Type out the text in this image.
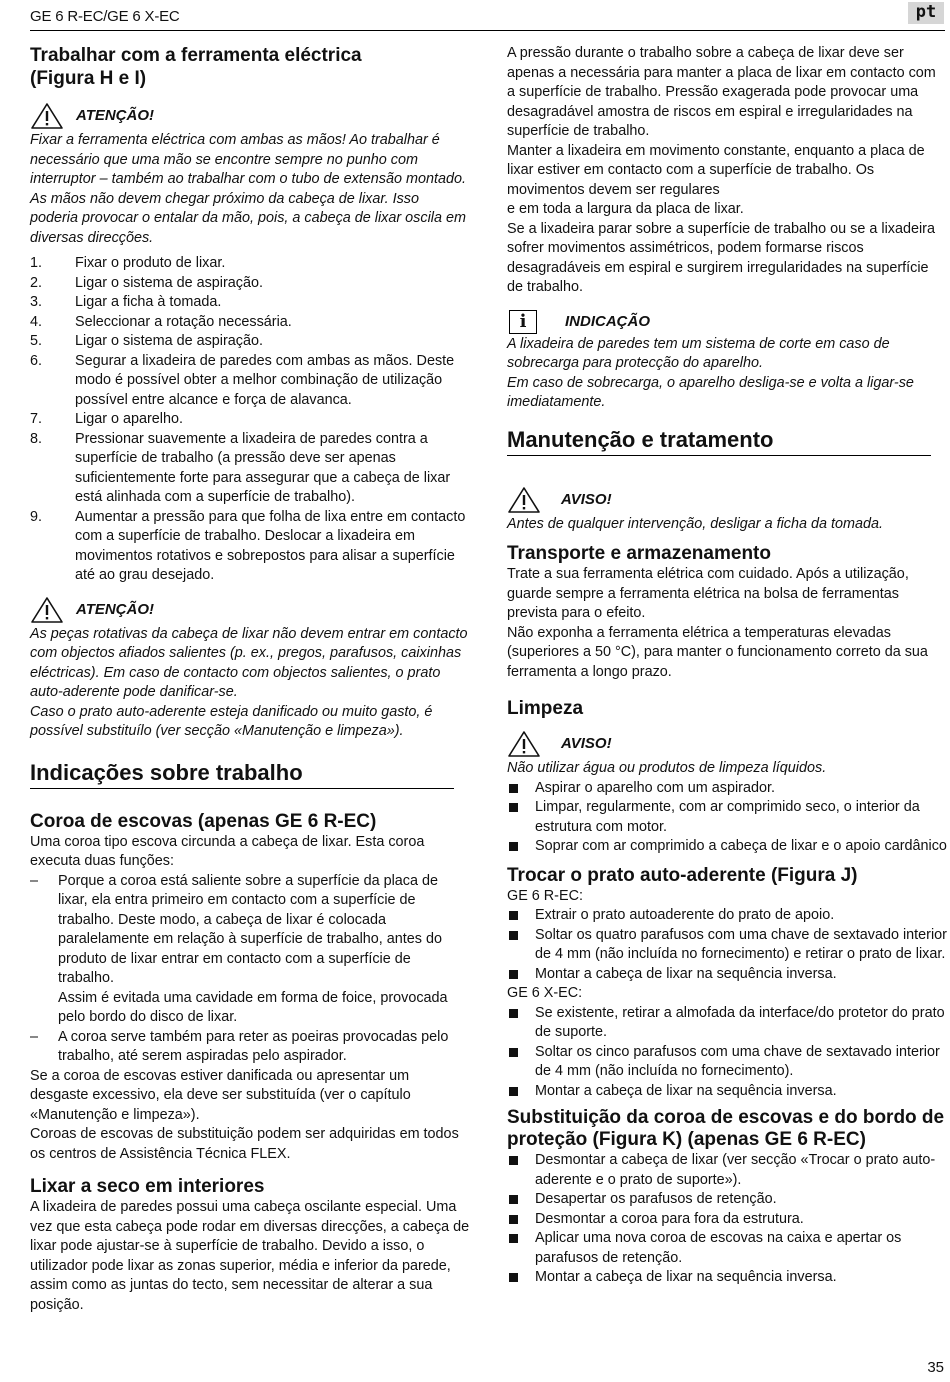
GE 6 R-EC/GE 6 X-EC	pt
Trabalhar com a ferramenta eléctrica (Figura H e I)
ATENÇÃO!

Fixar a ferramenta eléctrica com ambas as mãos! Ao trabalhar é necessário que uma mão se encontre sempre no punho com interruptor – também ao trabalhar com o tubo de extensão montado. As mãos não devem chegar próximo da cabeça de lixar. Isso poderia provocar o entalar da mão, pois, a cabeça de lixar oscila em diversas direcções.

1. Fixar o produto de lixar.
2. Ligar o sistema de aspiração.
3. Ligar a ficha à tomada.
4. Seleccionar a rotação necessária.
5. Ligar o sistema de aspiração.
6. Segurar a lixadeira de paredes com ambas as mãos. Deste modo é possível obter a melhor combinação de utilização possível entre alcance e força de alavanca.
7. Ligar o aparelho.
8. Pressionar suavemente a lixadeira de paredes contra a superfície de trabalho (a pressão deve ser apenas suficientemente forte para assegurar que a cabeça de lixar está alinhada com a superfície de trabalho).
9. Aumentar a pressão para que folha de lixa entre em contacto com a superfície de trabalho. Deslocar a lixadeira em movimentos rotativos e sobrepostos para alisar a superfície até ao grau desejado.
ATENÇÃO!

As peças rotativas da cabeça de lixar não devem entrar em contacto com objectos afiados salientes (p. ex., pregos, parafusos, caixinhas eléctricas). Em caso de contacto com objectos salientes, o prato auto-aderente pode danificar-se.

Caso o prato auto-aderente esteja danificado ou muito gasto, é possível substituílo (ver secção «Manutenção e limpeza»).

Indicações sobre trabalho
Coroa de escovas (apenas GE 6 R-EC)

Uma coroa tipo escova circunda a cabeça de lixar. Esta coroa executa duas funções:

– Porque a coroa está saliente sobre a superfície da placa de lixar, ela entra primeiro em contacto com a superfície de trabalho. Deste modo, a cabeça de lixar é colocada paralelamente em relação à superfície de trabalho, antes do produto de lixar entrar em contacto com a superfície de trabalho.
Assim é evitada uma cavidade em forma de foice, provocada pelo bordo do disco de lixar.
– A coroa serve também para reter as poeiras provocadas pelo trabalho, até serem aspiradas pelo aspirador.

Se a coroa de escovas estiver danificada ou apresentar um desgaste excessivo, ela deve ser substituída (ver o capítulo «Manutenção e limpeza»).

Coroas de escovas de substituição podem ser adquiridas em todos os centros de Assistência Técnica FLEX.

Lixar a seco em interiores

A lixadeira de paredes possui uma cabeça oscilante especial. Uma vez que esta cabeça pode rodar em diversas direcções, a cabeça de lixar pode ajustar-se à superfície de trabalho. Devido a isso, o utilizador pode lixar as zonas superior, média e inferior da parede, assim como as juntas do tecto, sem necessitar de alterar a sua posição.

A pressão durante o trabalho sobre a cabeça de lixar deve ser apenas a necessária para manter a placa de lixar em contacto com a superfície de trabalho. Pressão exagerada pode provocar uma desagradável amostra de riscos em espiral e irregularidades na superfície de trabalho.

Manter a lixadeira em movimento constante, enquanto a placa de lixar estiver em contacto com a superfície de trabalho. Os movimentos devem ser regulares

e em toda a largura da placa de lixar.

Se a lixadeira parar sobre a superfície de trabalho ou se a lixadeira sofrer movimentos assimétricos, podem formarse riscos desagradáveis em espiral e surgirem irregularidades na superfície de trabalho.

i	INDICAÇÃO

A lixadeira de paredes tem um sistema de corte em caso de sobrecarga para protecção do aparelho.

Em caso de sobrecarga, o aparelho desliga-se e volta a ligar-se imediatamente.

Manutenção e tratamento
AVISO!

Antes de qualquer intervenção, desligar a ficha da tomada.

Transporte e armazenamento

Trate a sua ferramenta elétrica com cuidado. Após a utilização, guarde sempre a ferramenta elétrica na bolsa de ferramentas prevista para o efeito.

Não exponha a ferramenta elétrica a temperaturas elevadas (superiores a 50 °C), para manter o funcionamento correto da sua ferramenta a longo prazo.

Limpeza
AVISO!

Não utilizar água ou produtos de limpeza líquidos.

Aspirar o aparelho com um aspirador.
Limpar, regularmente, com ar comprimido seco, o interior da estrutura com motor.
Soprar com ar comprimido a cabeça de lixar e o apoio cardânico
Trocar o prato auto-aderente (Figura J)

GE 6 R-EC:

Extrair o prato autoaderente do prato de apoio.
Soltar os quatro parafusos com uma chave de sextavado interior de 4 mm (não incluída no fornecimento) e retirar o prato de lixar.
Montar a cabeça de lixar na sequência inversa.

GE 6 X-EC:

Se existente, retirar a almofada da interface/do protetor do prato de suporte.
Soltar os cinco parafusos com uma chave de sextavado interior de 4 mm (não incluída no fornecimento).
Montar a cabeça de lixar na sequência inversa.
Substituição da coroa de escovas e do bordo de proteção (Figura K) (apenas GE 6 R-EC)
Desmontar a cabeça de lixar (ver secção «Trocar o prato auto-aderente e o prato de suporte»).
Desapertar os parafusos de retenção.
Desmontar a coroa para fora da estrutura.
Aplicar uma nova coroa de escovas na caixa e apertar os parafusos de retenção.
Montar a cabeça de lixar na sequência inversa.
35
